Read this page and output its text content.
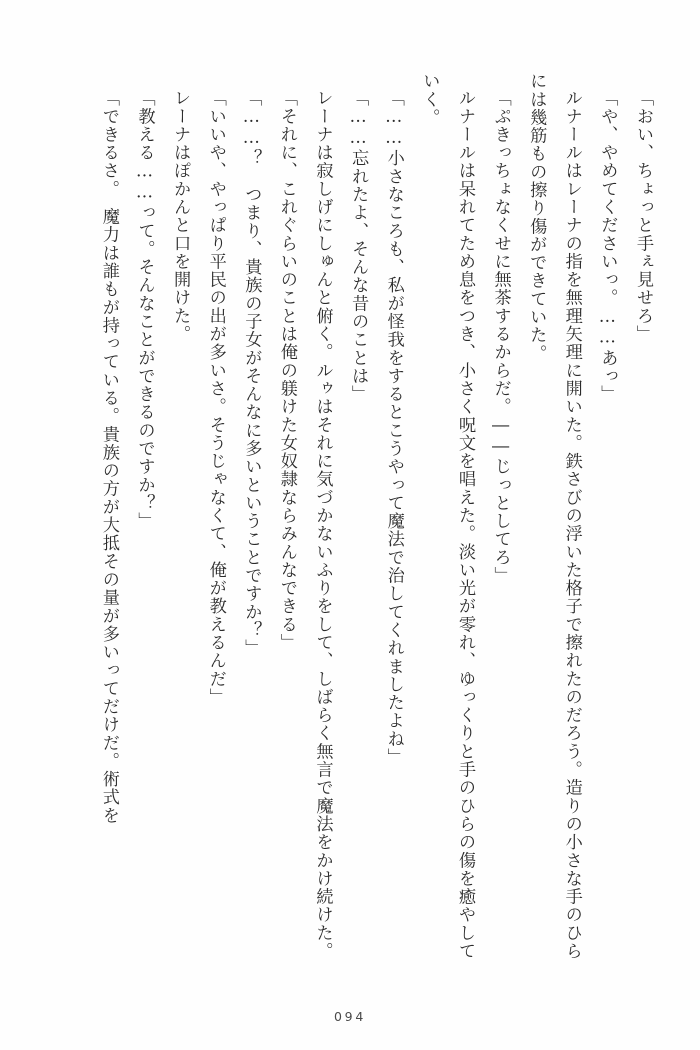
「おい、ちょっと手ぇ見せろ」

「や、やめてくださいっ。……あっ」

ルナールはレーナの指を無理矢理に開いた。鉄さびの浮いた格子で擦れたのだろう。造りの小さな手のひらには幾筋もの擦り傷ができていた。

「ぷきっちょなくせに無茶するからだ。――じっとしてろ」

ルナールは呆れてため息をつき、小さく呪文を唱えた。淡い光が零れ、ゆっくりと手のひらの傷を癒やしていく。

「……小さなころも、私が怪我をするとこうやって魔法で治してくれましたよね」

「……忘れたよ、そんな昔のことは」

レーナは寂しげにしゅんと俯く。ルゥはそれに気づかないふりをして、しばらく無言で魔法をかけ続けた。

「それに、これぐらいのことは俺の躾けた女奴隷ならみんなできる」

「……？　つまり、貴族の子女がそんなに多いということですか？」

「いいや、やっぱり平民の出が多いさ。そうじゃなくて、俺が教えるんだ」

レーナはぽかんと口を開けた。

「教える……って。そんなことができるのですか？」

「できるさ。　魔力は誰もが持っている。貴族の方が大抵その量が多いってだけだ。術式を

094
